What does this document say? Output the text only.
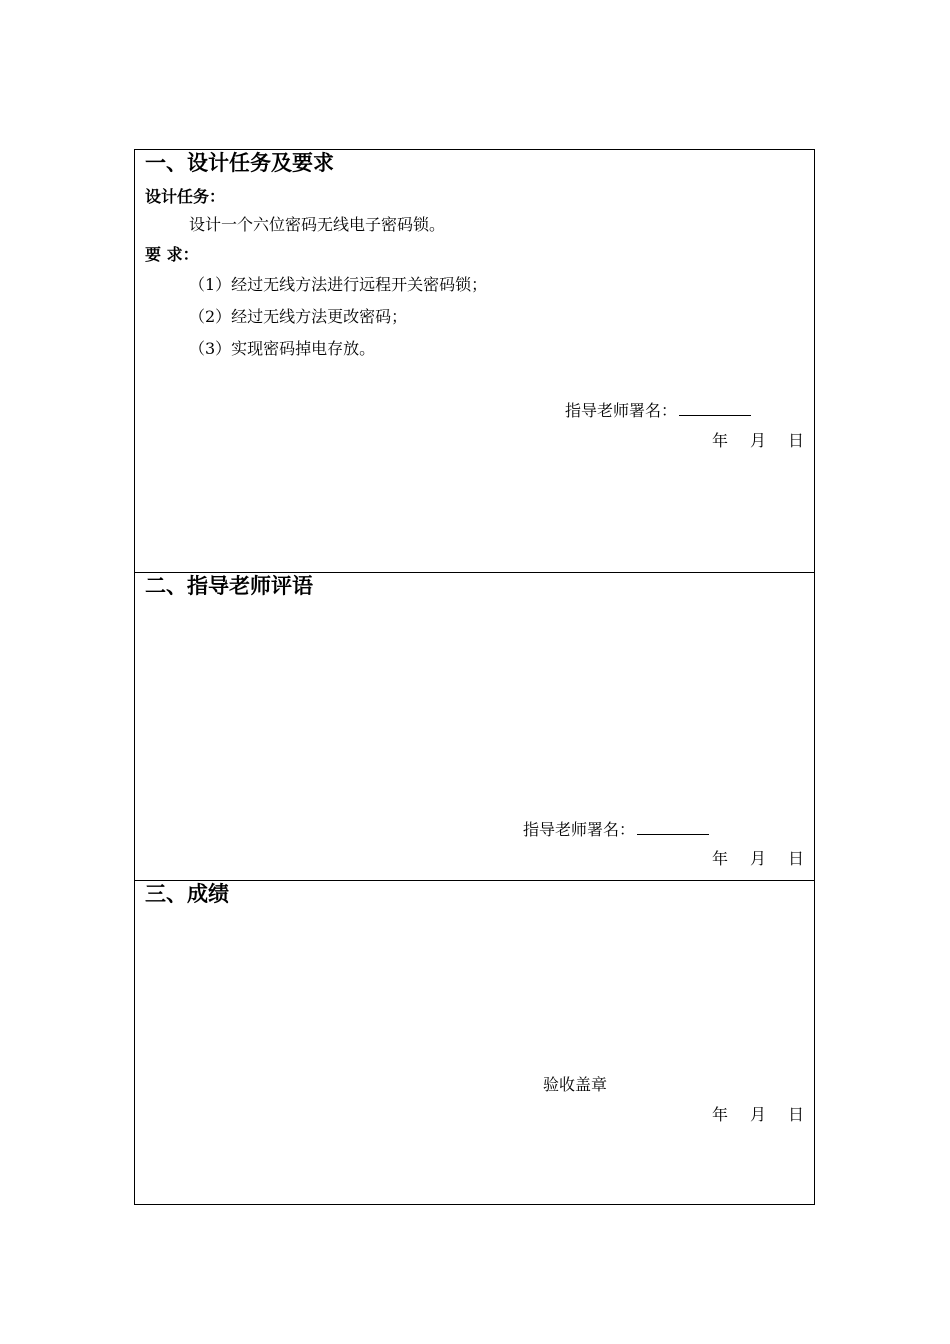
一、设计任务及要求
设计任务：
设计一个六位密码无线电子密码锁。
要 求：
（1）经过无线方法进行远程开关密码锁；
（2）经过无线方法更改密码；
（3）实现密码掉电存放。
指导老师署名：
年 月 日
二、指导老师评语
指导老师署名：
年 月 日
三、成绩
验收盖章
年 月 日
